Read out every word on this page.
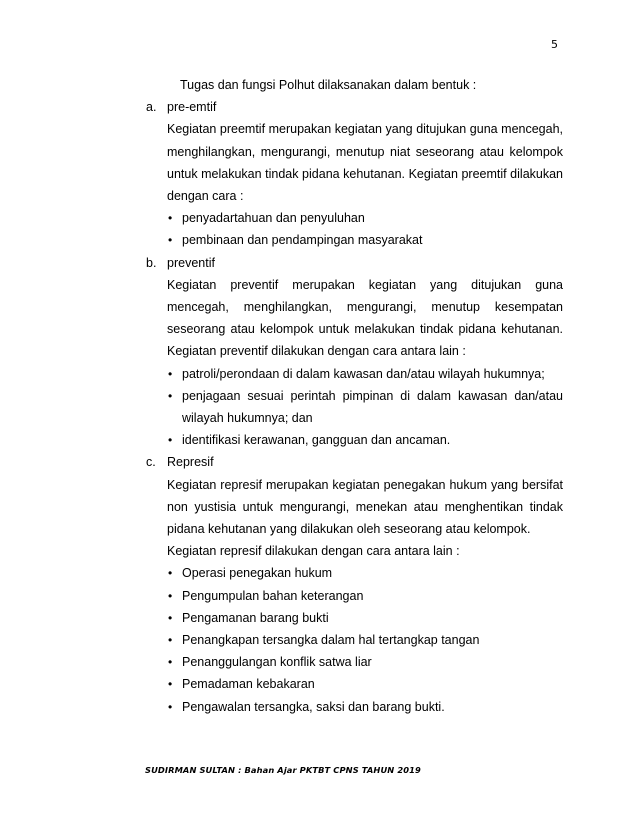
5

Tugas dan fungsi Polhut dilaksanakan dalam bentuk :

a. pre-emtif

Kegiatan preemtif merupakan kegiatan yang ditujukan guna mencegah, menghilangkan, mengurangi, menutup niat seseorang atau kelompok untuk melakukan tindak pidana kehutanan. Kegiatan preemtif dilakukan dengan cara :

• penyadartahuan dan penyuluhan
• pembinaan dan pendampingan masyarakat

b. preventif

Kegiatan preventif merupakan kegiatan yang ditujukan guna mencegah, menghilangkan, mengurangi, menutup kesempatan seseorang atau kelompok untuk melakukan tindak pidana kehutanan. Kegiatan preventif dilakukan dengan cara antara lain :

• patroli/perondaan di dalam kawasan dan/atau wilayah hukumnya;
• penjagaan sesuai perintah pimpinan di dalam kawasan dan/atau wilayah hukumnya; dan
• identifikasi kerawanan, gangguan dan ancaman.

c. Represif

Kegiatan represif merupakan kegiatan penegakan hukum yang bersifat non yustisia untuk mengurangi, menekan atau menghentikan tindak pidana kehutanan yang dilakukan oleh seseorang atau kelompok.

Kegiatan represif dilakukan dengan cara antara lain :

• Operasi penegakan hukum
• Pengumpulan bahan keterangan
• Pengamanan barang bukti
• Penangkapan tersangka dalam hal tertangkap tangan
• Penanggulangan konflik satwa liar
• Pemadaman kebakaran
• Pengawalan tersangka, saksi dan barang bukti.
SUDIRMAN SULTAN : Bahan Ajar PKTBT CPNS TAHUN 2019
